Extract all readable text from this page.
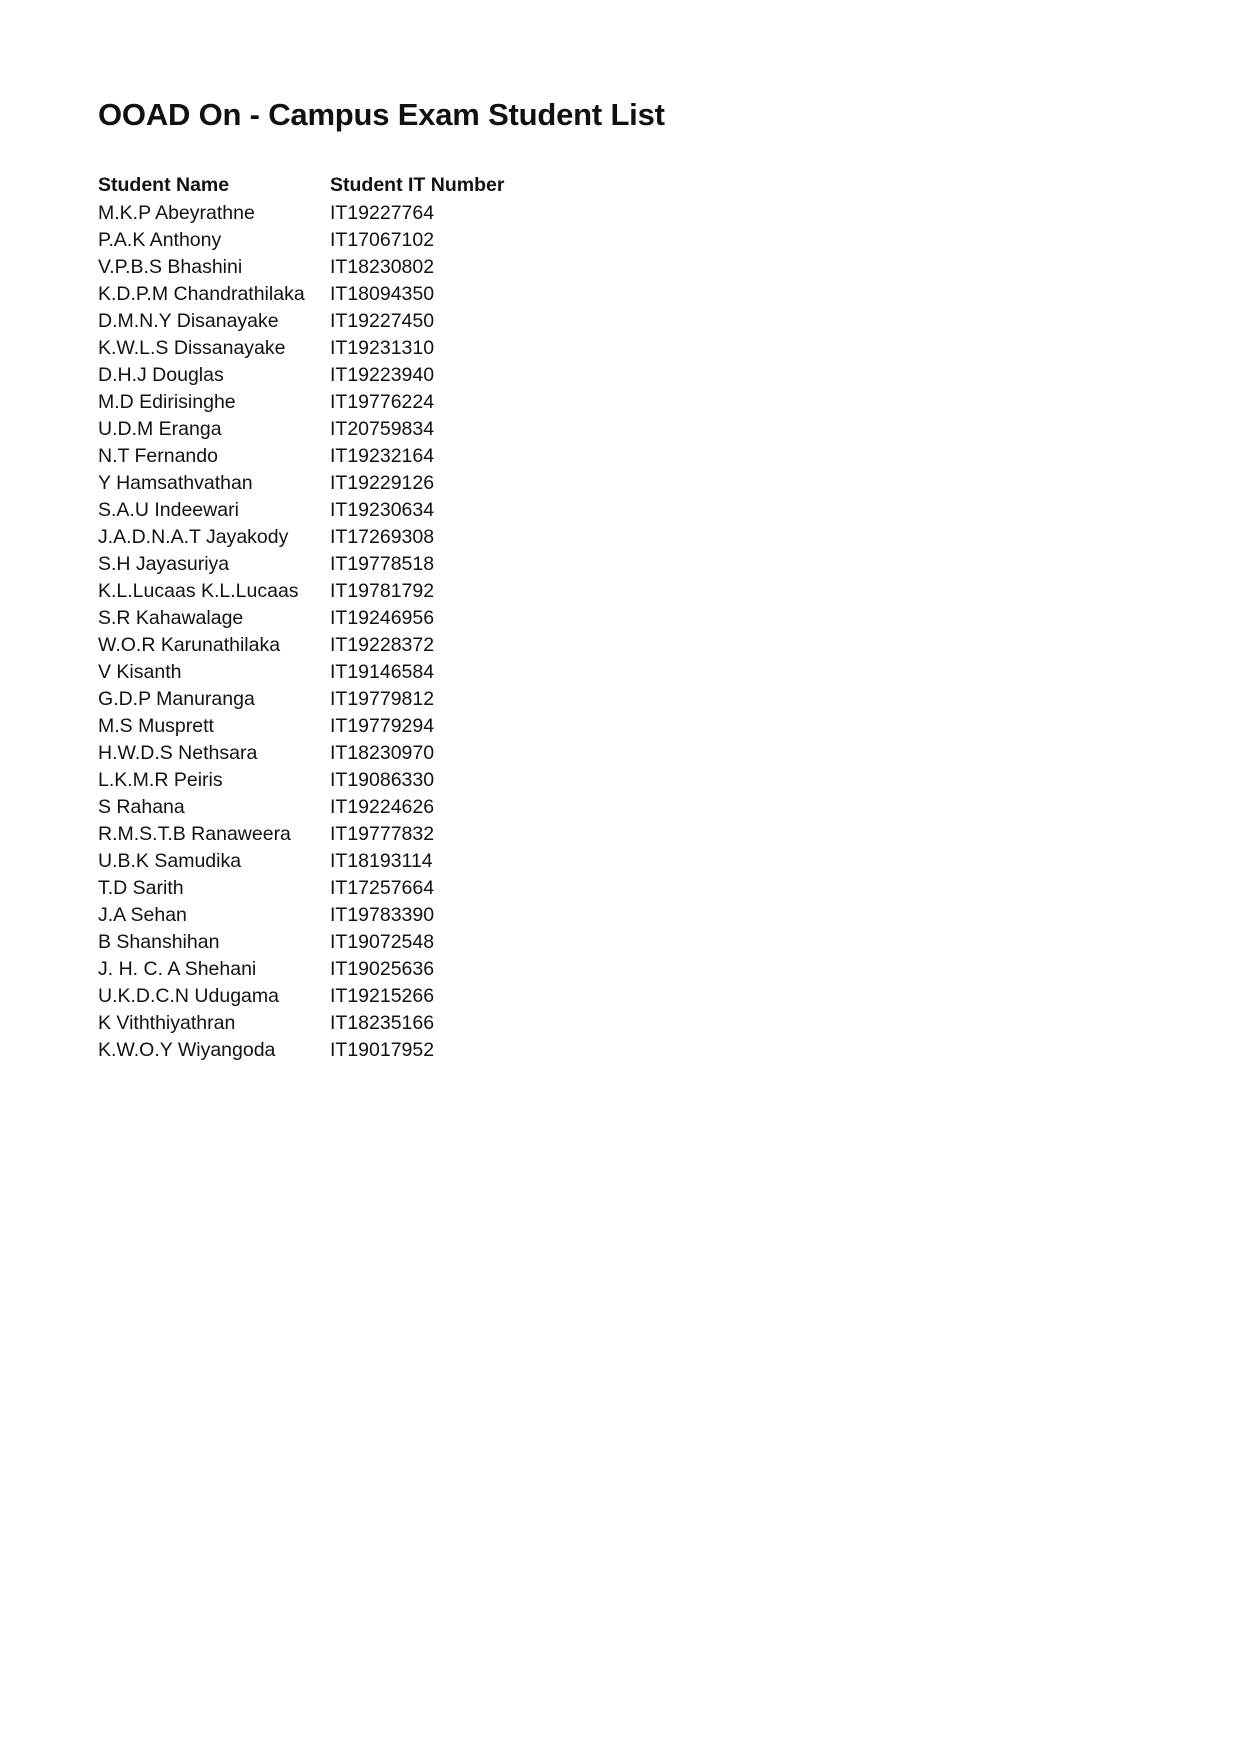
OOAD On - Campus Exam Student List
Student Name	Student IT Number
M.K.P Abeyrathne	IT19227764
P.A.K Anthony	IT17067102
V.P.B.S Bhashini	IT18230802
K.D.P.M Chandrathilaka	IT18094350
D.M.N.Y Disanayake	IT19227450
K.W.L.S Dissanayake	IT19231310
D.H.J Douglas	IT19223940
M.D Edirisinghe	IT19776224
U.D.M Eranga	IT20759834
N.T Fernando	IT19232164
Y Hamsathvathan	IT19229126
S.A.U Indeewari	IT19230634
J.A.D.N.A.T Jayakody	IT17269308
S.H Jayasuriya	IT19778518
K.L.Lucaas K.L.Lucaas	IT19781792
S.R Kahawalage	IT19246956
W.O.R Karunathilaka	IT19228372
V Kisanth	IT19146584
G.D.P Manuranga	IT19779812
M.S Musprett	IT19779294
H.W.D.S Nethsara	IT18230970
L.K.M.R Peiris	IT19086330
S Rahana	IT19224626
R.M.S.T.B Ranaweera	IT19777832
U.B.K Samudika	IT18193114
T.D Sarith	IT17257664
J.A Sehan	IT19783390
B Shanshihan	IT19072548
J. H. C. A Shehani	IT19025636
U.K.D.C.N Udugama	IT19215266
K Viththiyathran	IT18235166
K.W.O.Y Wiyangoda	IT19017952
